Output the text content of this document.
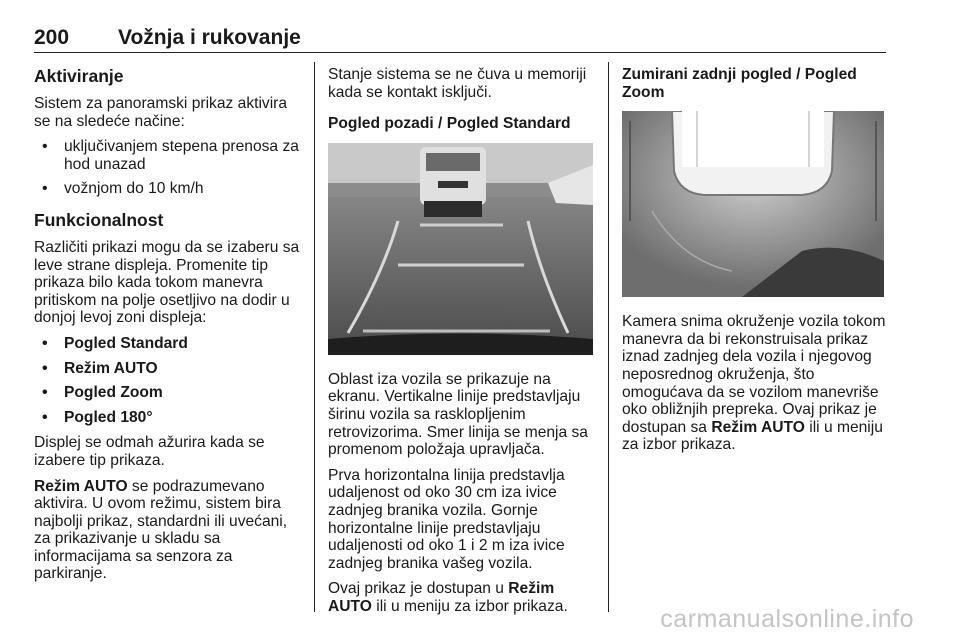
200 Vožnja i rukovanje
Aktiviranje

Sistem za panoramski prikaz aktivira se na sledeće načine:

• uključivanjem stepena prenosa za hod unazad
• vožnjom do 10 km/h
Funkcionalnost

Različiti prikazi mogu da se izaberu sa leve strane displeja. Promenite tip prikaza bilo kada tokom manevra pritiskom na polje osetljivo na dodir u donjoj levoj zoni displeja:

• Pogled Standard
• Režim AUTO
• Pogled Zoom
• Pogled 180°

Displej se odmah ažurira kada se izabere tip prikaza.

Režim AUTO se podrazumevano aktivira. U ovom režimu, sistem bira najbolji prikaz, standardni ili uvećani, za prikazivanje u skladu sa informacijama sa senzora za parkiranje.

Stanje sistema se ne čuva u memoriji kada se kontakt isključi.

Pogled pozadi / Pogled Standard

Oblast iza vozila se prikazuje na ekranu. Vertikalne linije predstavljaju širinu vozila sa rasklopljenim retrovizorima. Smer linija se menja sa promenom položaja upravljača.

Prva horizontalna linija predstavlja udaljenost od oko 30 cm iza ivice zadnjeg branika vozila. Gornje horizontalne linije predstavljaju udaljenosti od oko 1 i 2 m iza ivice zadnjeg branika vašeg vozila.

Ovaj prikaz je dostupan u Režim AUTO ili u meniju za izbor prikaza.

Zumirani zadnji pogled / Pogled Zoom

Kamera snima okruženje vozila tokom manevra da bi rekonstruisala prikaz iznad zadnjeg dela vozila i njegovog neposrednog okruženja, što omogućava da se vozilom manevriše oko obližnjih prepreka. Ovaj prikaz je dostupan sa Režim AUTO ili u meniju za izbor prikaza.

carmanualsonline.info
